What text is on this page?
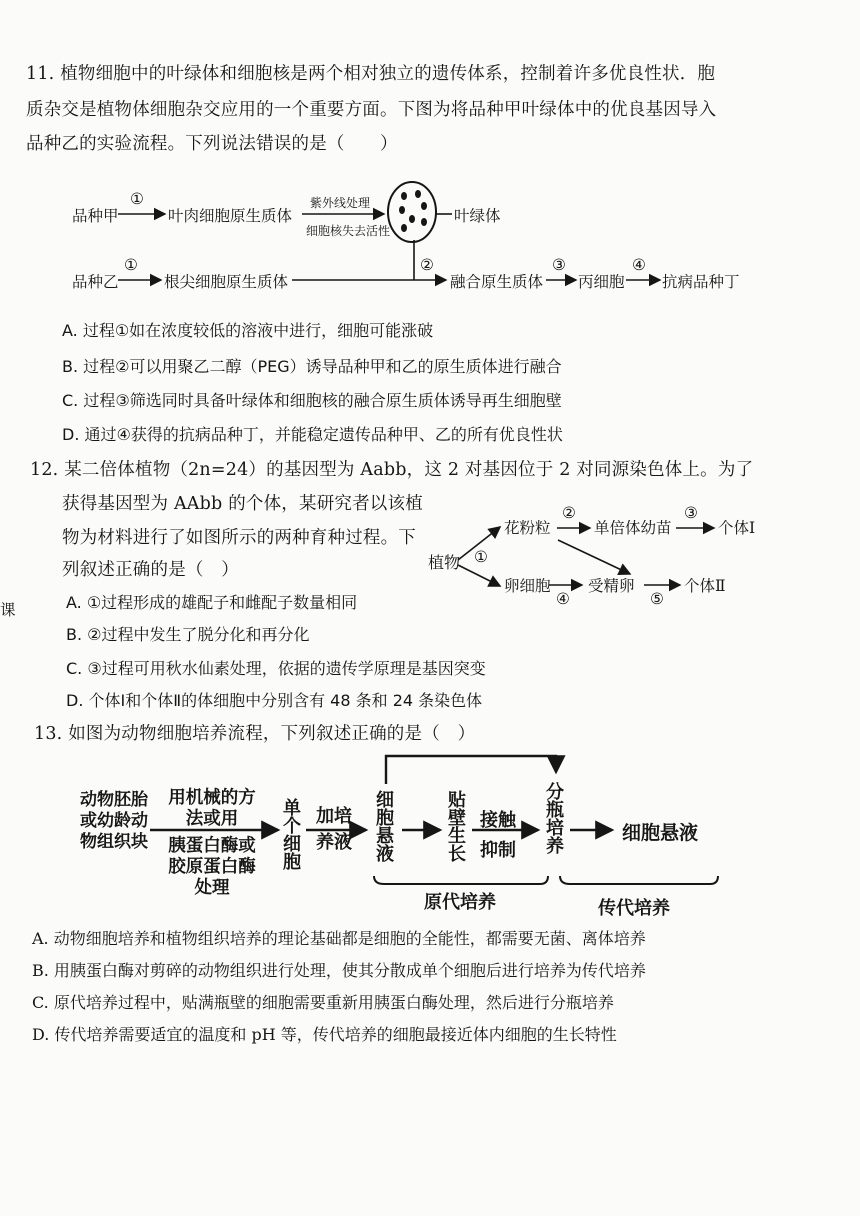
11. 植物细胞中的叶绿体和细胞核是两个相对独立的遗传体系，控制着许多优良性状．胞
质杂交是植物体细胞杂交应用的一个重要方面。下图为将品种甲叶绿体中的优良基因导入
品种乙的实验流程。下列说法错误的是（　　）
品种甲
①
叶肉细胞原生质体
紫外线处理
细胞核失去活性
叶绿体
品种乙
①
根尖细胞原生质体
②
融合原生质体
③
丙细胞
④
抗病品种丁
A. 过程①如在浓度较低的溶液中进行，细胞可能涨破
B. 过程②可以用聚乙二醇（PEG）诱导品种甲和乙的原生质体进行融合
C. 过程③筛选同时具备叶绿体和细胞核的融合原生质体诱导再生细胞壁
D. 通过④获得的抗病品种丁，并能稳定遗传品种甲、乙的所有优良性状
12. 某二倍体植物（2n=24）的基因型为 Aabb，这 2 对基因位于 2 对同源染色体上。为了
获得基因型为 AAbb 的个体，某研究者以该植
物为材料进行了如图所示的两种育种过程。下
列叙述正确的是（　）
课
植物 ①
花粉粒
②
单倍体幼苗
③
个体Ⅰ
卵细胞
④
受精卵
⑤
个体Ⅱ
A. ①过程形成的雄配子和雌配子数量相同
B. ②过程中发生了脱分化和再分化
C. ③过程可用秋水仙素处理，依据的遗传学原理是基因突变
D. 个体Ⅰ和个体Ⅱ的体细胞中分别含有 48 条和 24 条染色体
13. 如图为动物细胞培养流程，下列叙述正确的是（　）
动物胚胎或幼龄动物组织块
用机械的方法或用
胰蛋白酶或胶原蛋白酶处理
单个细胞 加培养液	细胞悬液	贴壁生长 接触
抑制 分瓶培养	细胞悬液
原代培养	传代培养
A. 动物细胞培养和植物组织培养的理论基础都是细胞的全能性，都需要无菌、离体培养
B. 用胰蛋白酶对剪碎的动物组织进行处理，使其分散成单个细胞后进行培养为传代培养
C. 原代培养过程中，贴满瓶壁的细胞需要重新用胰蛋白酶处理，然后进行分瓶培养
D. 传代培养需要适宜的温度和 pH 等，传代培养的细胞最接近体内细胞的生长特性
